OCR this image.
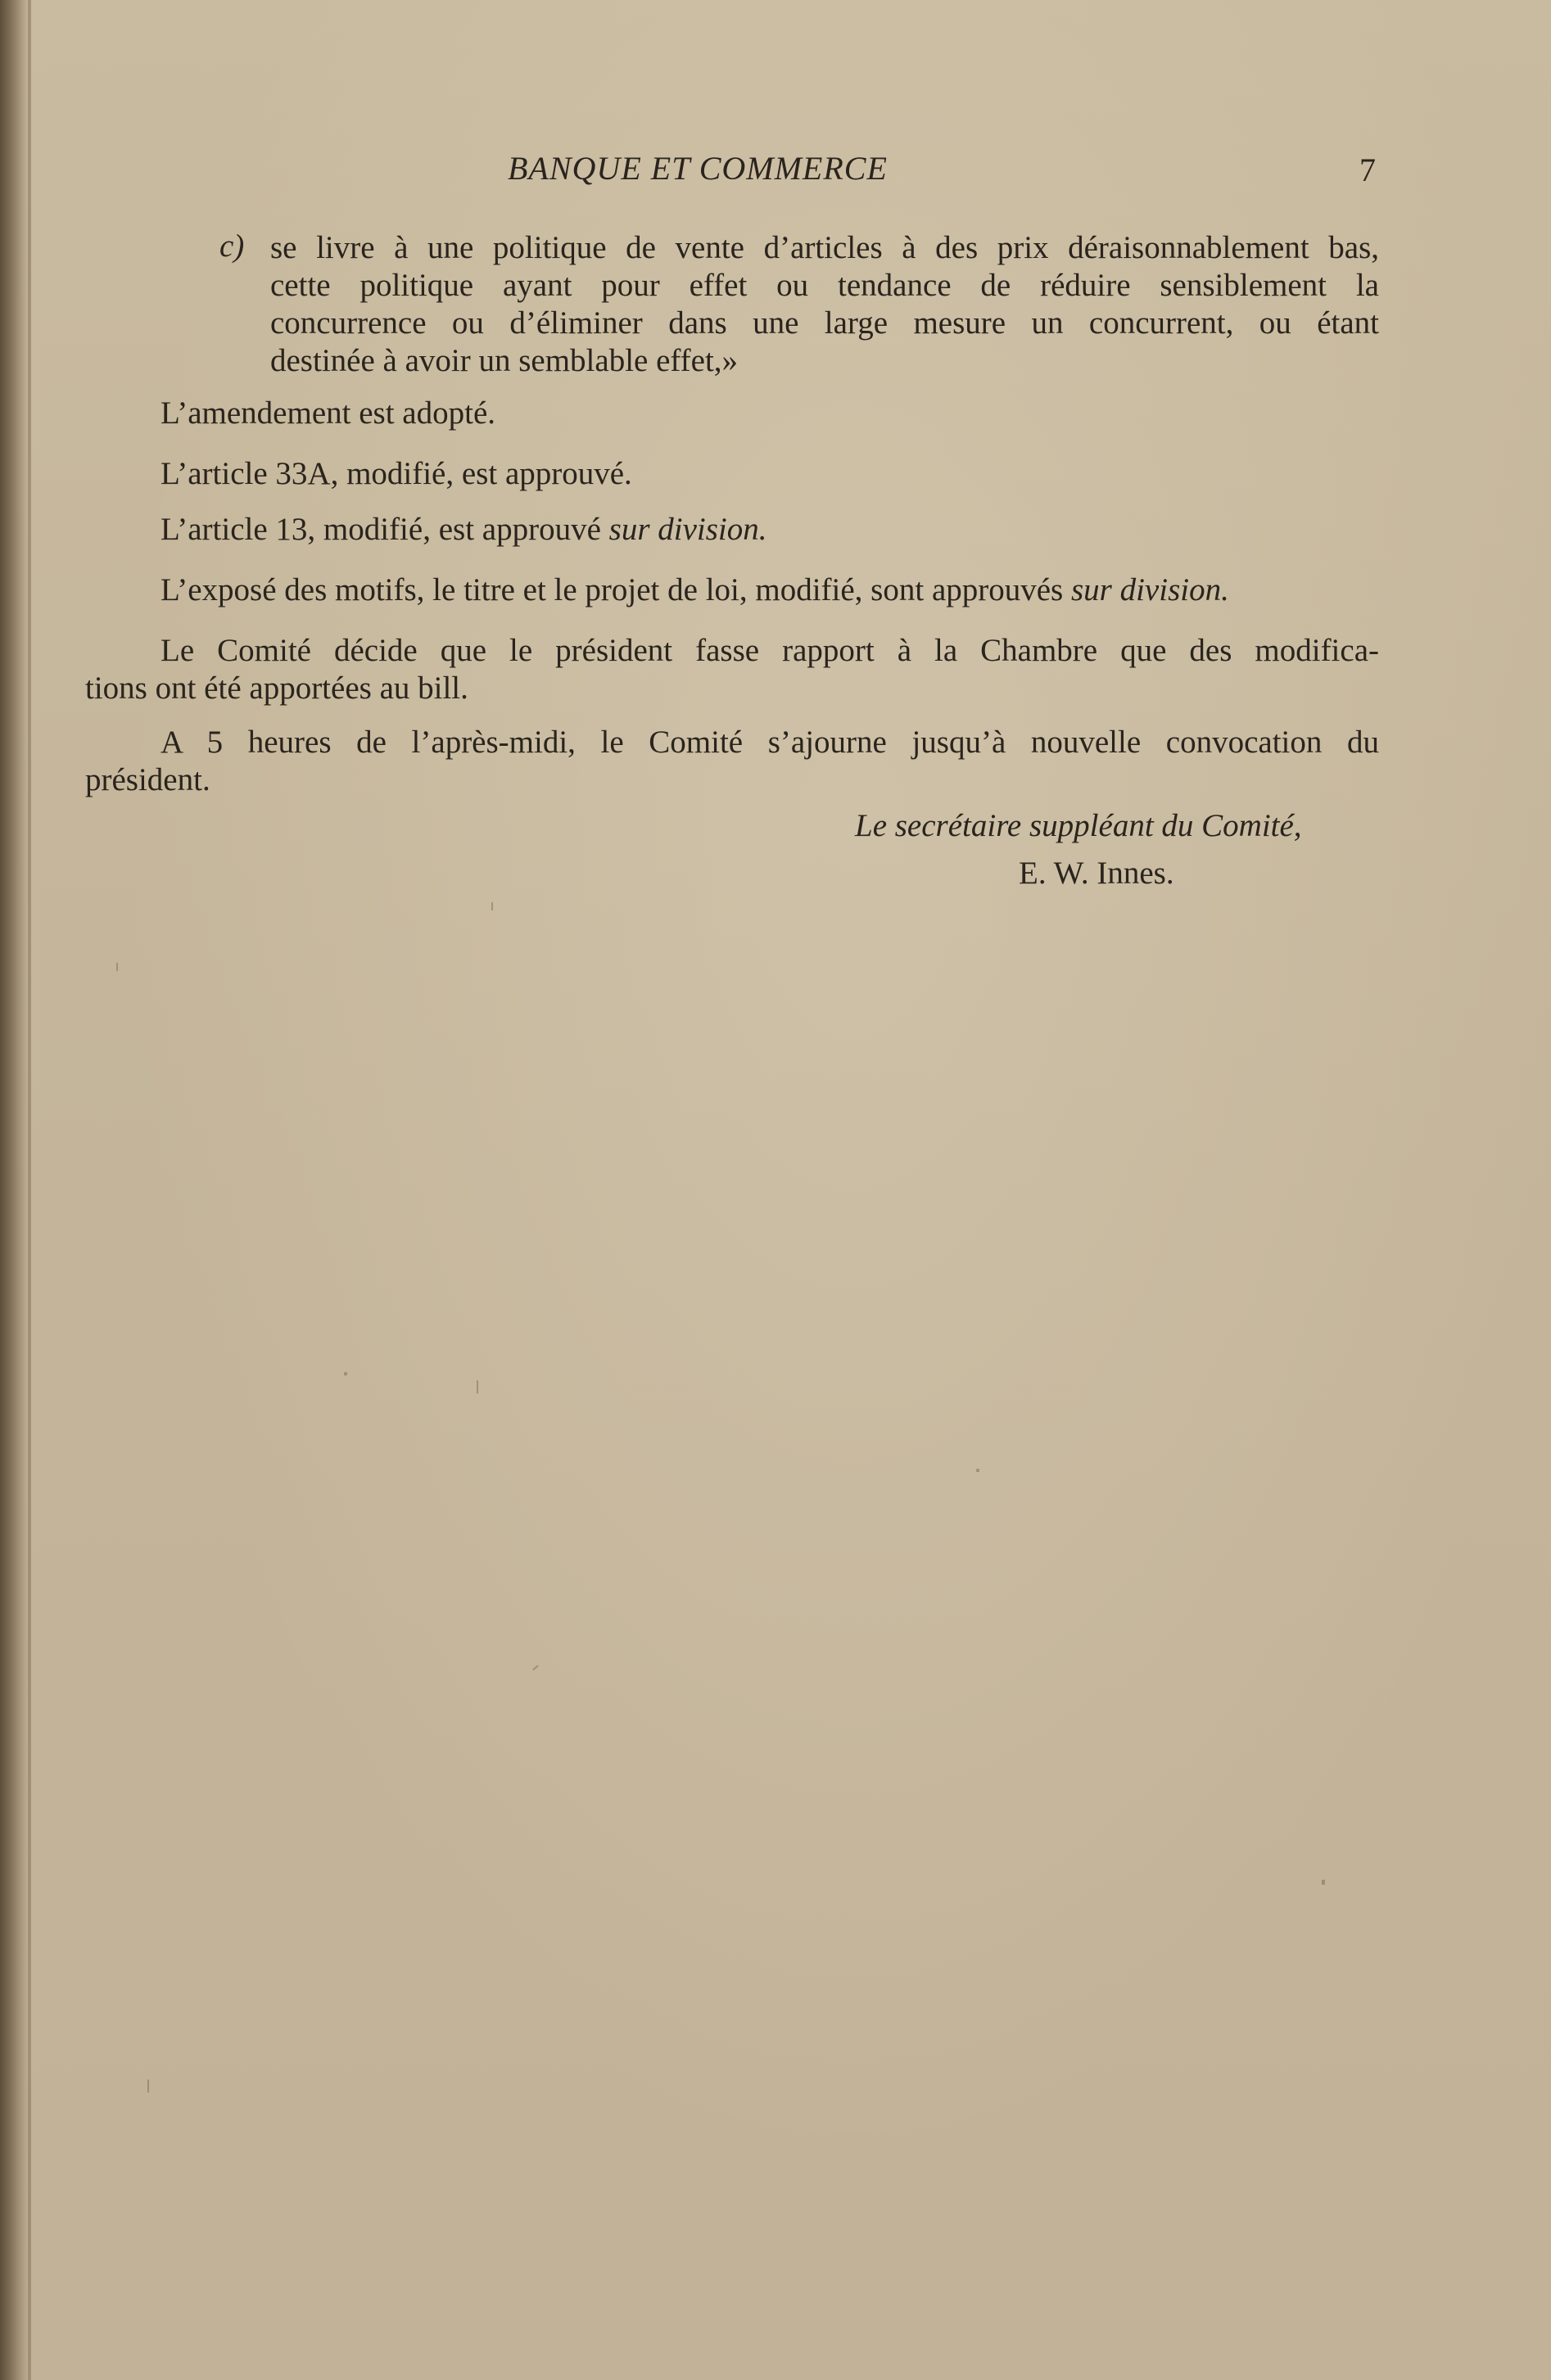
BANQUE ET COMMERCE	7
c) se livre à une politique de vente d’articles à des prix déraisonnablement bas,
cette politique ayant pour effet ou tendance de réduire sensiblement la
concurrence ou d’éliminer dans une large mesure un concurrent, ou étant
destinée à avoir un semblable effet,»
L’amendement est adopté.
L’article 33A, modifié, est approuvé.
L’article 13, modifié, est approuvé sur division.
L’exposé des motifs, le titre et le projet de loi, modifié, sont approuvés sur division.
Le Comité décide que le président fasse rapport à la Chambre que des modifica-
tions ont été apportées au bill.
A 5 heures de l’après-midi, le Comité s’ajourne jusqu’à nouvelle convocation du
président.
Le secrétaire suppléant du Comité,
E. W. Innes.
